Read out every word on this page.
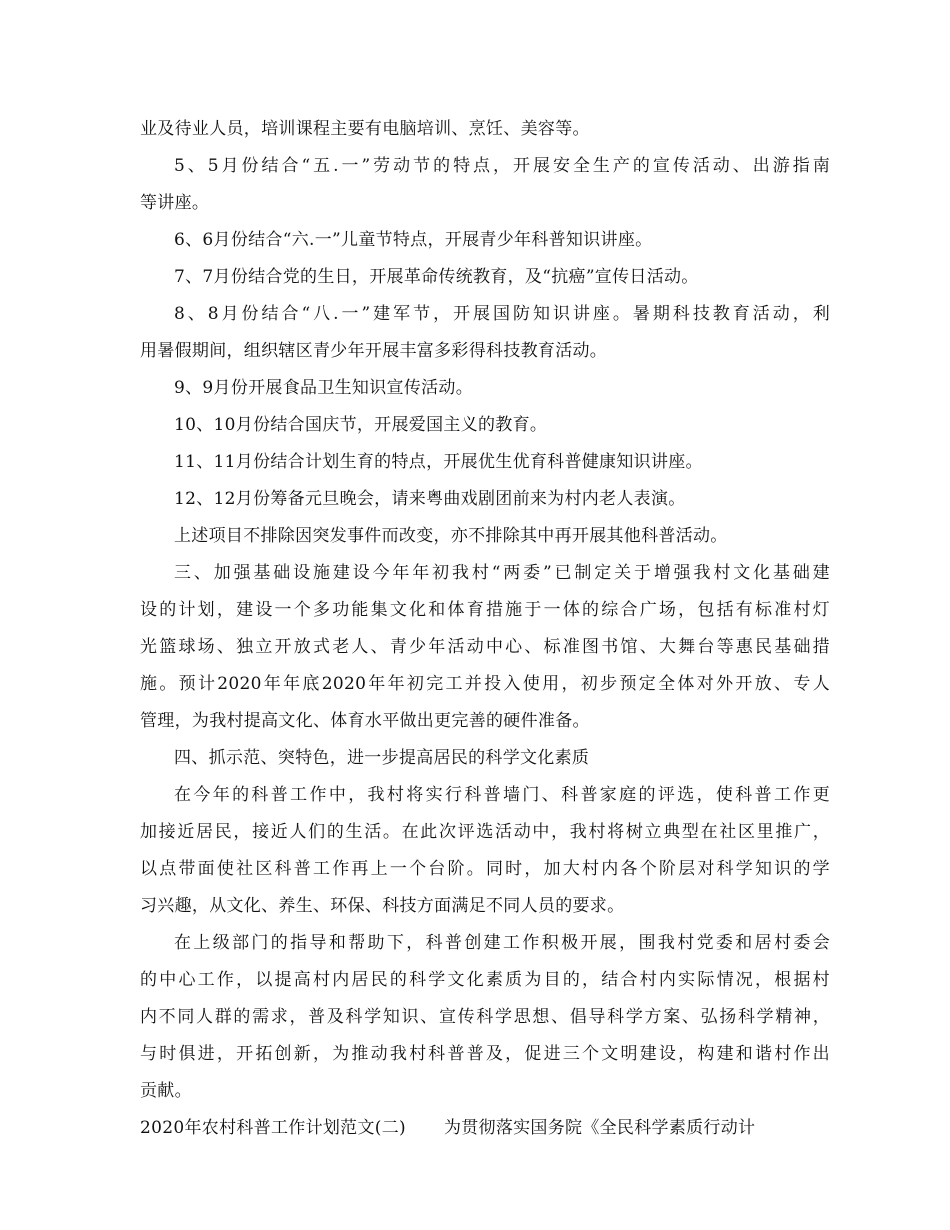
业及待业人员，培训课程主要有电脑培训、烹饪、美容等。
5、5月份结合“五.一”劳动节的特点，开展安全生产的宣传活动、出游指南
等讲座。
6、6月份结合“六.一”儿童节特点，开展青少年科普知识讲座。
7、7月份结合党的生日，开展革命传统教育，及“抗癌”宣传日活动。
8、8月份结合“八.一”建军节，开展国防知识讲座。暑期科技教育活动，利
用暑假期间，组织辖区青少年开展丰富多彩得科技教育活动。
9、9月份开展食品卫生知识宣传活动。
10、10月份结合国庆节，开展爱国主义的教育。
11、11月份结合计划生育的特点，开展优生优育科普健康知识讲座。
12、12月份筹备元旦晚会，请来粤曲戏剧团前来为村内老人表演。
上述项目不排除因突发事件而改变，亦不排除其中再开展其他科普活动。
三、加强基础设施建设今年年初我村“两委”已制定关于增强我村文化基础建
设的计划，建设一个多功能集文化和体育措施于一体的综合广场，包括有标准村灯
光篮球场、独立开放式老人、青少年活动中心、标准图书馆、大舞台等惠民基础措
施。预计2020年年底2020年年初完工并投入使用，初步预定全体对外开放、专人
管理，为我村提高文化、体育水平做出更完善的硬件准备。
四、抓示范、突特色，进一步提高居民的科学文化素质
在今年的科普工作中，我村将实行科普墙门、科普家庭的评选，使科普工作更
加接近居民，接近人们的生活。在此次评选活动中，我村将树立典型在社区里推广，
以点带面使社区科普工作再上一个台阶。同时，加大村内各个阶层对科学知识的学
习兴趣，从文化、养生、环保、科技方面满足不同人员的要求。
在上级部门的指导和帮助下，科普创建工作积极开展，围我村党委和居村委会
的中心工作，以提高村内居民的科学文化素质为目的，结合村内实际情况，根据村
内不同人群的需求，普及科学知识、宣传科学思想、倡导科学方案、弘扬科学精神，
与时俱进，开拓创新，为推动我村科普普及，促进三个文明建设，构建和谐村作出
贡献。
2020年农村科普工作计划范文(二) 为贯彻落实国务院《全民科学素质行动计
